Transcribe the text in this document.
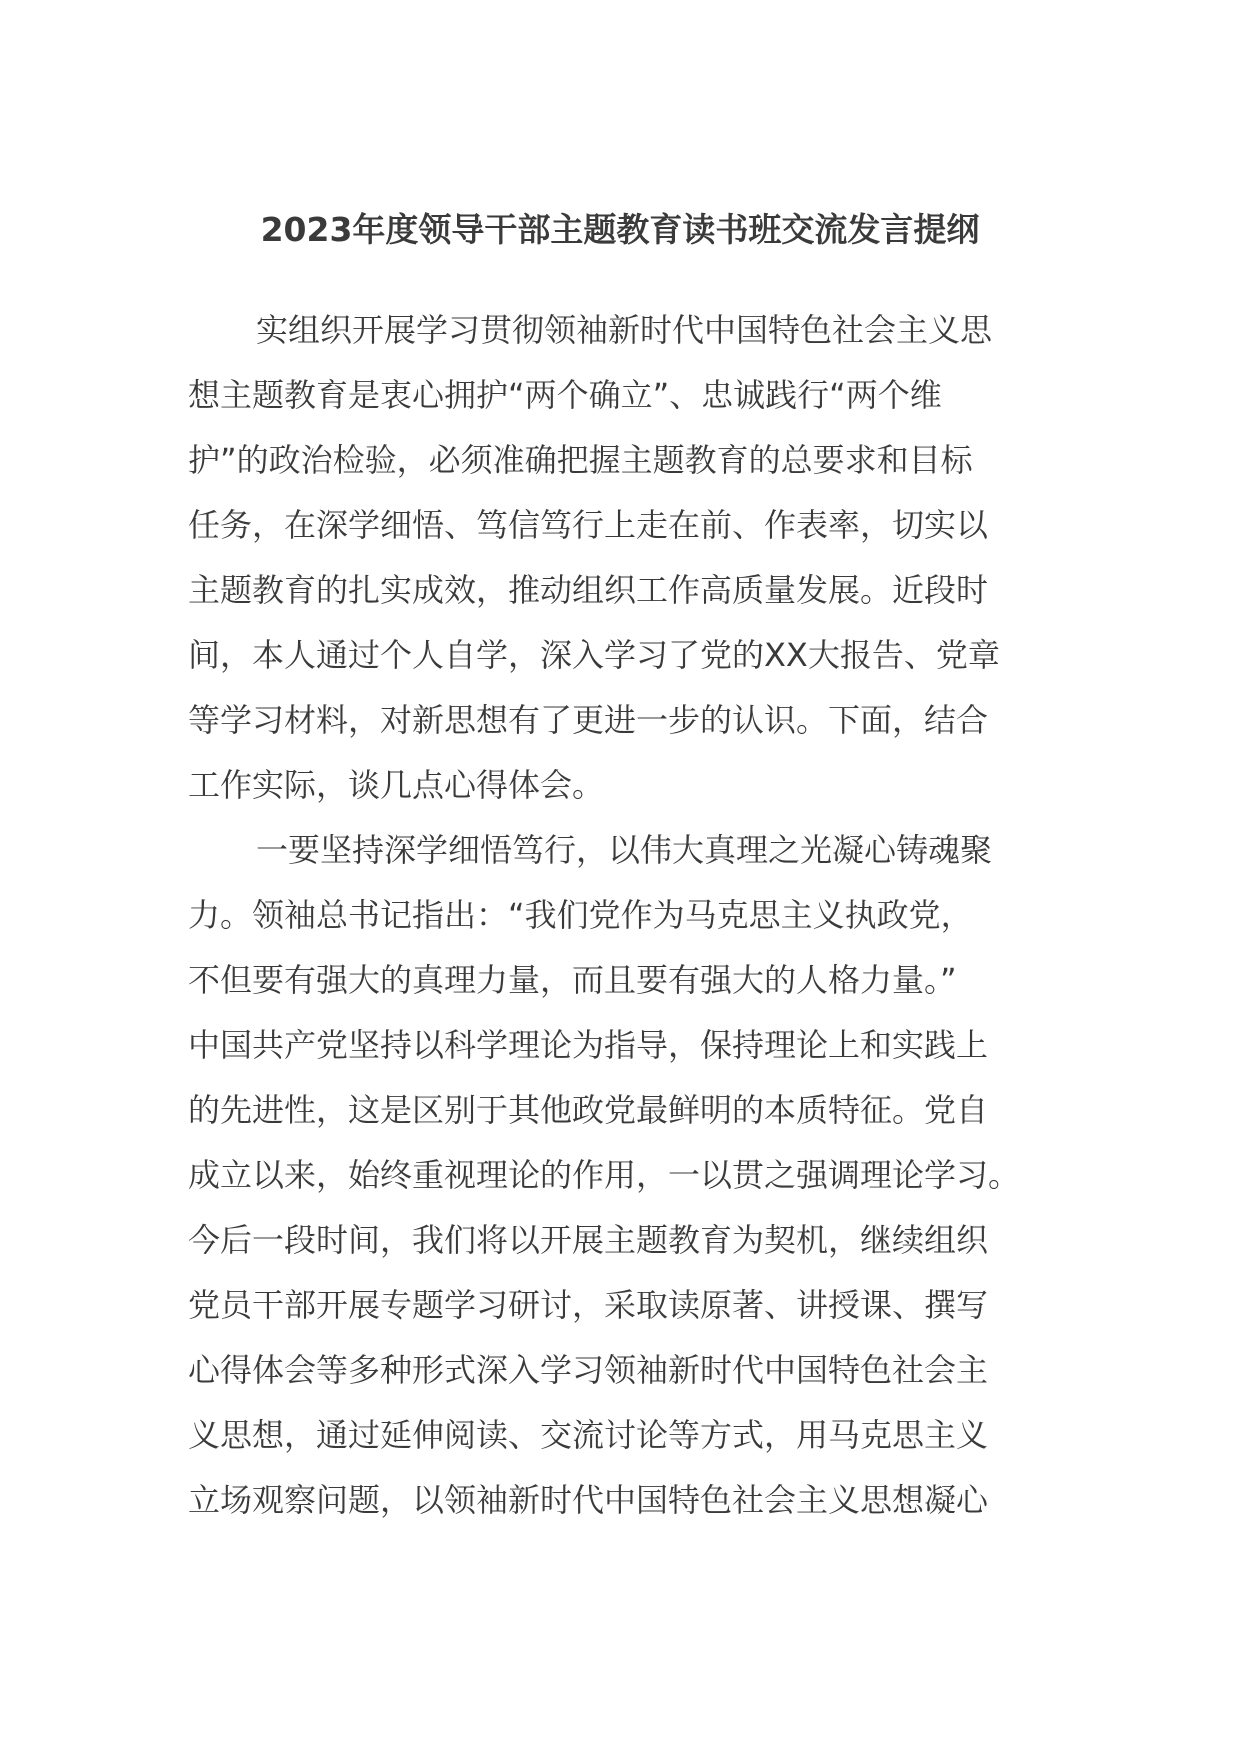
2023年度领导干部主题教育读书班交流发言提纲
实组织开展学习贯彻领袖新时代中国特色社会主义思
想主题教育是衷心拥护“两个确立”、忠诚践行“两个维
护”的政治检验，必须准确把握主题教育的总要求和目标
任务，在深学细悟、笃信笃行上走在前、作表率，切实以
主题教育的扎实成效，推动组织工作高质量发展。近段时
间，本人通过个人自学，深入学习了党的XX大报告、党章
等学习材料，对新思想有了更进一步的认识。下面，结合
工作实际，谈几点心得体会。
一要坚持深学细悟笃行，以伟大真理之光凝心铸魂聚
力。领袖总书记指出：“我们党作为马克思主义执政党，
不但要有强大的真理力量，而且要有强大的人格力量。”
中国共产党坚持以科学理论为指导，保持理论上和实践上
的先进性，这是区别于其他政党最鲜明的本质特征。党自
成立以来，始终重视理论的作用，一以贯之强调理论学习。
今后一段时间，我们将以开展主题教育为契机，继续组织
党员干部开展专题学习研讨，采取读原著、讲授课、撰写
心得体会等多种形式深入学习领袖新时代中国特色社会主
义思想，通过延伸阅读、交流讨论等方式，用马克思主义
立场观察问题，以领袖新时代中国特色社会主义思想凝心
